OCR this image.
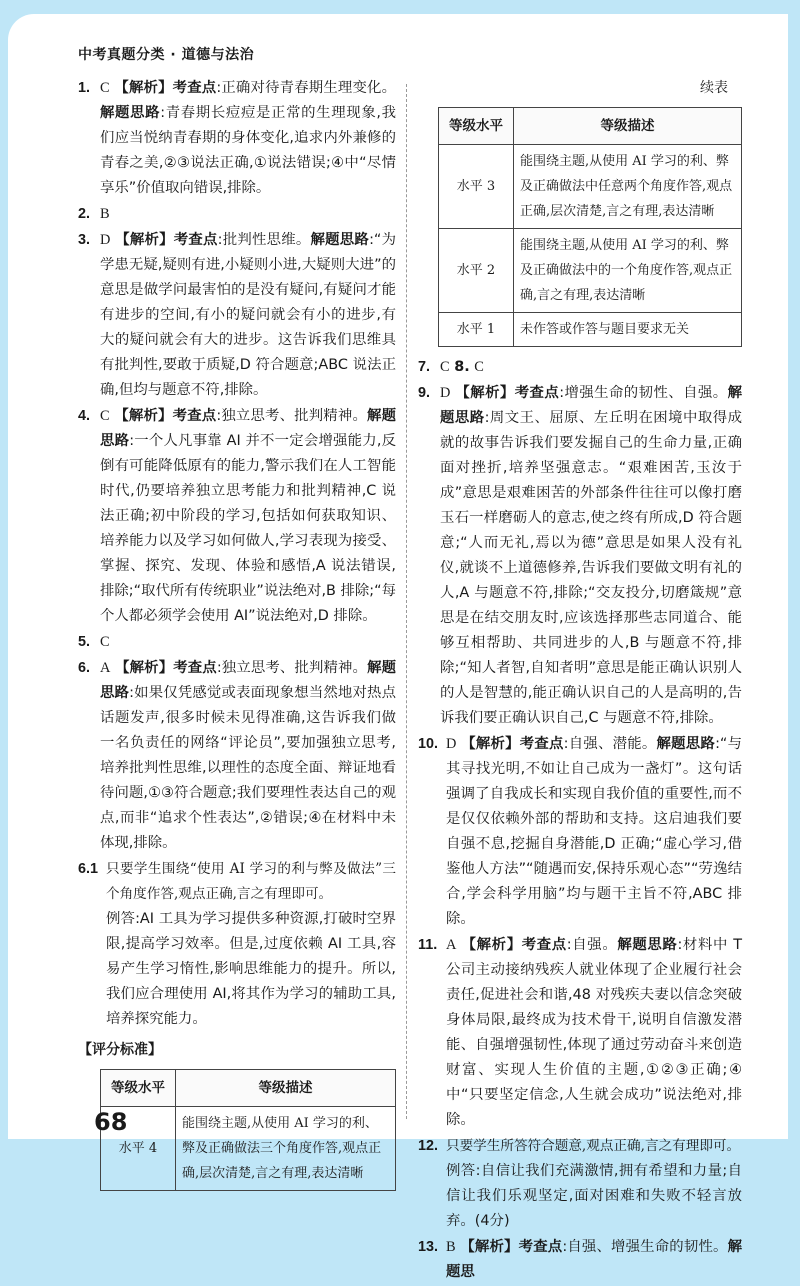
中考真题分类 · 道德与法治
1. C 【解析】考查点:正确对待青春期生理变化。解题思路:青春期长痘痘是正常的生理现象,我们应当悦纳青春期的身体变化,追求内外兼修的青春之美,②③说法正确,①说法错误;④中“尽情享乐”价值取向错误,排除。
2. B
3. D 【解析】考查点:批判性思维。解题思路:“为学患无疑,疑则有进,小疑则小进,大疑则大进”的意思是做学问最害怕的是没有疑问,有疑问才能有进步的空间,有小的疑问就会有小的进步,有大的疑问就会有大的进步。这告诉我们思维具有批判性,要敢于质疑,D 符合题意;ABC 说法正确,但均与题意不符,排除。
4. C 【解析】考查点:独立思考、批判精神。解题思路:一个人凡事靠 AI 并不一定会增强能力,反倒有可能降低原有的能力,警示我们在人工智能时代,仍要培养独立思考能力和批判精神,C 说法正确;初中阶段的学习,包括如何获取知识、培养能力以及学习如何做人,学习表现为接受、掌握、探究、发现、体验和感悟,A 说法错误,排除;“取代所有传统职业”说法绝对,B 排除;“每个人都必须学会使用 AI”说法绝对,D 排除。
5. C
6. A 【解析】考查点:独立思考、批判精神。解题思路:如果仅凭感觉或表面现象想当然地对热点话题发声,很多时候未见得准确,这告诉我们做一名负责任的网络“评论员”,要加强独立思考,培养批判性思维,以理性的态度全面、辩证地看待问题,①③符合题意;我们要理性表达自己的观点,而非“追求个性表达”,②错误;④在材料中未体现,排除。
6.1 只要学生围绕“使用 AI 学习的利与弊及做法”三个角度作答,观点正确,言之有理即可。
例答:AI 工具为学习提供多种资源,打破时空界限,提高学习效率。但是,过度依赖 AI 工具,容易产生学习惰性,影响思维能力的提升。所以,我们应合理使用 AI,将其作为学习的辅助工具,培养探究能力。
【评分标准】
等级水平	等级描述
水平 4	能围绕主题,从使用 AI 学习的利、弊及正确做法三个角度作答,观点正确,层次清楚,言之有理,表达清晰
续表
等级水平	等级描述
水平 3	能围绕主题,从使用 AI 学习的利、弊及正确做法中任意两个角度作答,观点正确,层次清楚,言之有理,表达清晰
水平 2	能围绕主题,从使用 AI 学习的利、弊及正确做法中的一个角度作答,观点正确,言之有理,表达清晰
水平 1	未作答或作答与题目要求无关
7. C 8. C
9. D 【解析】考查点:增强生命的韧性、自强。解题思路:周文王、屈原、左丘明在困境中取得成就的故事告诉我们要发掘自己的生命力量,正确面对挫折,培养坚强意志。“艰难困苦,玉汝于成”意思是艰难困苦的外部条件往往可以像打磨玉石一样磨砺人的意志,使之终有所成,D 符合题意;“人而无礼,焉以为德”意思是如果人没有礼仪,就谈不上道德修养,告诉我们要做文明有礼的人,A 与题意不符,排除;“交友投分,切磨箴规”意思是在结交朋友时,应该选择那些志同道合、能够互相帮助、共同进步的人,B 与题意不符,排除;“知人者智,自知者明”意思是能正确认识别人的人是智慧的,能正确认识自己的人是高明的,告诉我们要正确认识自己,C 与题意不符,排除。
10. D 【解析】考查点:自强、潜能。解题思路:“与其寻找光明,不如让自己成为一盏灯”。这句话强调了自我成长和实现自我价值的重要性,而不是仅仅依赖外部的帮助和支持。这启迪我们要自强不息,挖掘自身潜能,D 正确;“虚心学习,借鉴他人方法”“随遇而安,保持乐观心态”“劳逸结合,学会科学用脑”均与题干主旨不符,ABC 排除。
11. A 【解析】考查点:自强。解题思路:材料中 T 公司主动接纳残疾人就业体现了企业履行社会责任,促进社会和谐,48 对残疾夫妻以信念突破身体局限,最终成为技术骨干,说明自信激发潜能、自强增强韧性,体现了通过劳动奋斗来创造财富、实现人生价值的主题,①②③正确;④中“只要坚定信念,人生就会成功”说法绝对,排除。
12. 只要学生所答符合题意,观点正确,言之有理即可。
例答:自信让我们充满激情,拥有希望和力量;自信让我们乐观坚定,面对困难和失败不轻言放弃。(4分)
13. B 【解析】考查点:自强、增强生命的韧性。解题思
68
